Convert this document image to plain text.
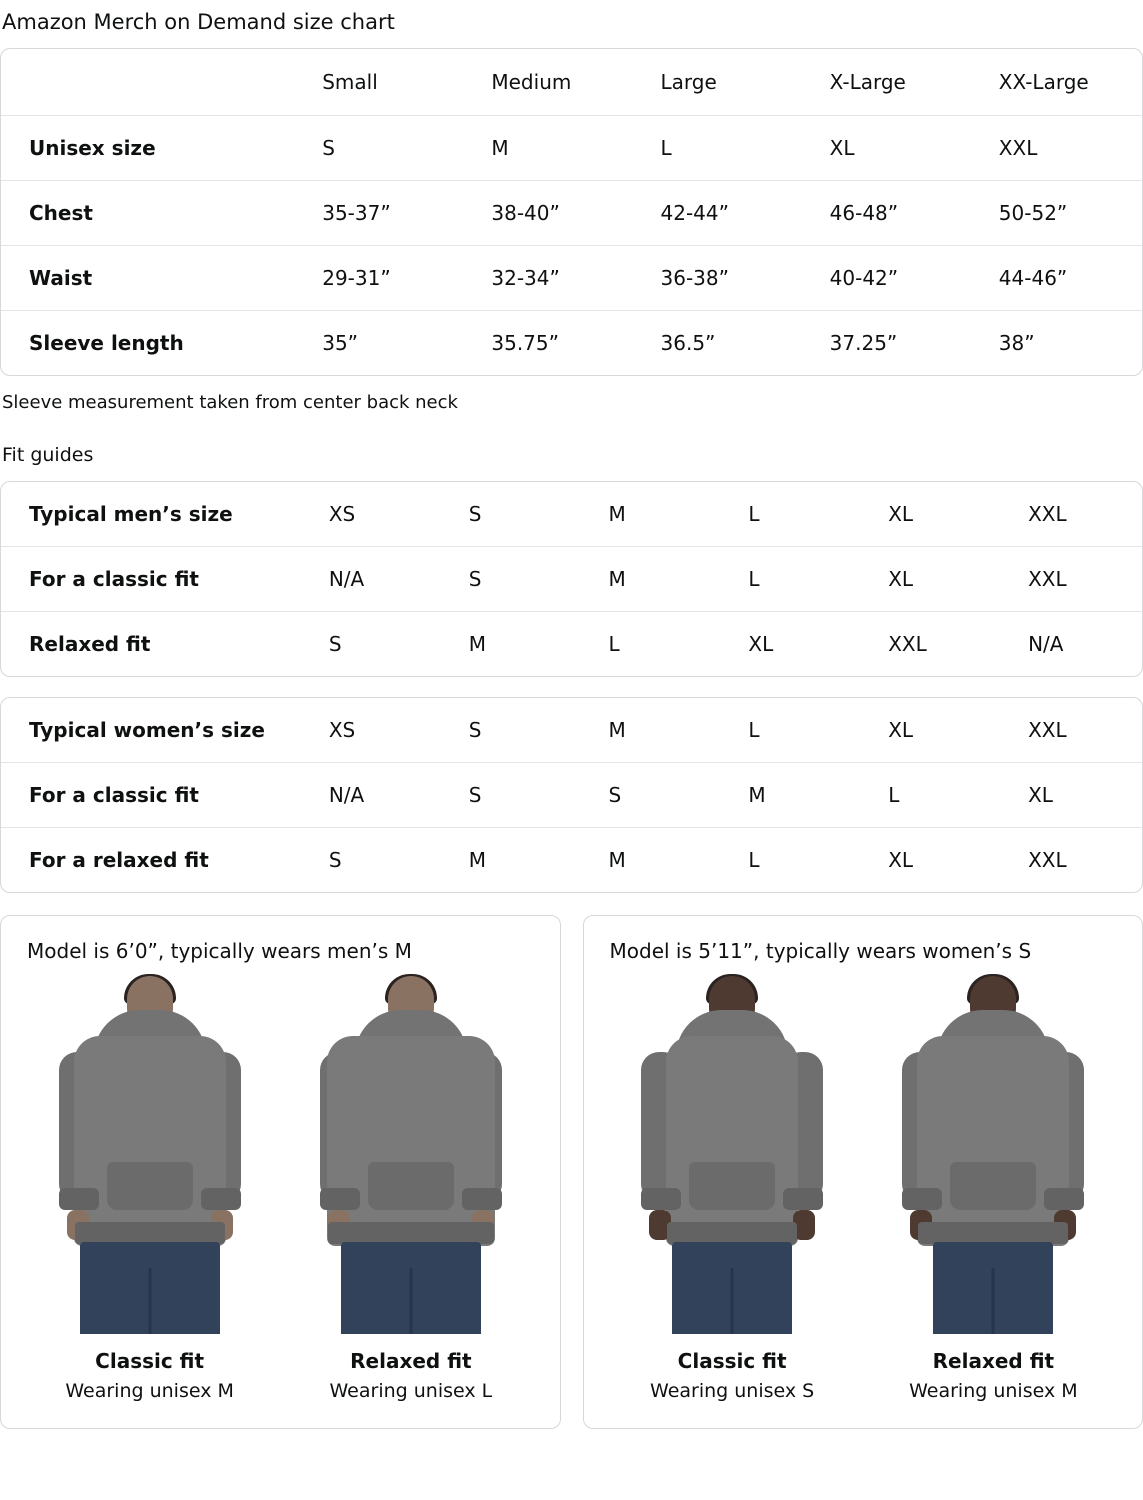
Amazon Merch on Demand size chart
	Small	Medium	Large	X-Large	XX-Large
Unisex size	S	M	L	XL	XXL
Chest	35-37”	38-40”	42-44”	46-48”	50-52”
Waist	29-31”	32-34”	36-38”	40-42”	44-46”
Sleeve length	35”	35.75”	36.5”	37.25”	38”
Sleeve measurement taken from center back neck
Fit guides
Typical men’s size	XS	S	M	L	XL	XXL
For a classic fit	N/A	S	M	L	XL	XXL
Relaxed fit	S	M	L	XL	XXL	N/A
Typical women’s size	XS	S	M	L	XL	XXL
For a classic fit	N/A	S	S	M	L	XL
For a relaxed fit	S	M	M	L	XL	XXL
Model is 6’0”, typically wears men’s M
Classic fit
Wearing unisex M
Relaxed fit
Wearing unisex L
Model is 5’11”, typically wears women’s S
Classic fit
Wearing unisex S
Relaxed fit
Wearing unisex M
